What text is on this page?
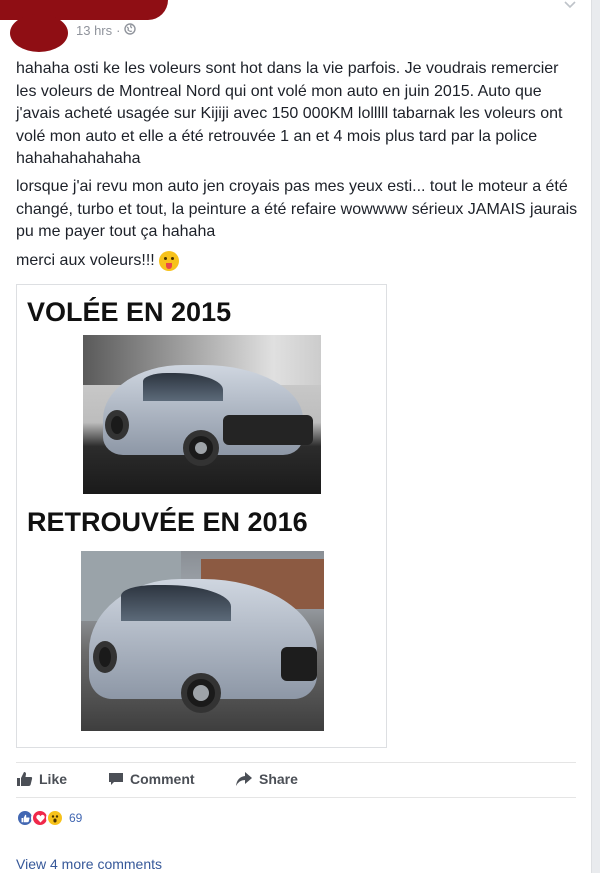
13 hrs ·
hahaha osti ke les voleurs sont hot dans la vie parfois. Je voudrais remercier les voleurs de Montreal Nord qui ont volé mon auto en juin 2015. Auto que j'avais acheté usagée sur Kijiji avec 150 000KM lolllll tabarnak les voleurs ont volé mon auto et elle a été retrouvée 1 an et 4 mois plus tard par la police hahahahahahaha
lorsque j'ai revu mon auto jen croyais pas mes yeux esti... tout le moteur a été changé, turbo et tout, la peinture a été refaire wowwww sérieux JAMAIS jaurais pu me payer tout ça hahaha
merci aux voleurs!!!
VOLÉE EN 2015
RETROUVÉE EN 2016
Like	Comment	Share
69
View 4 more comments
